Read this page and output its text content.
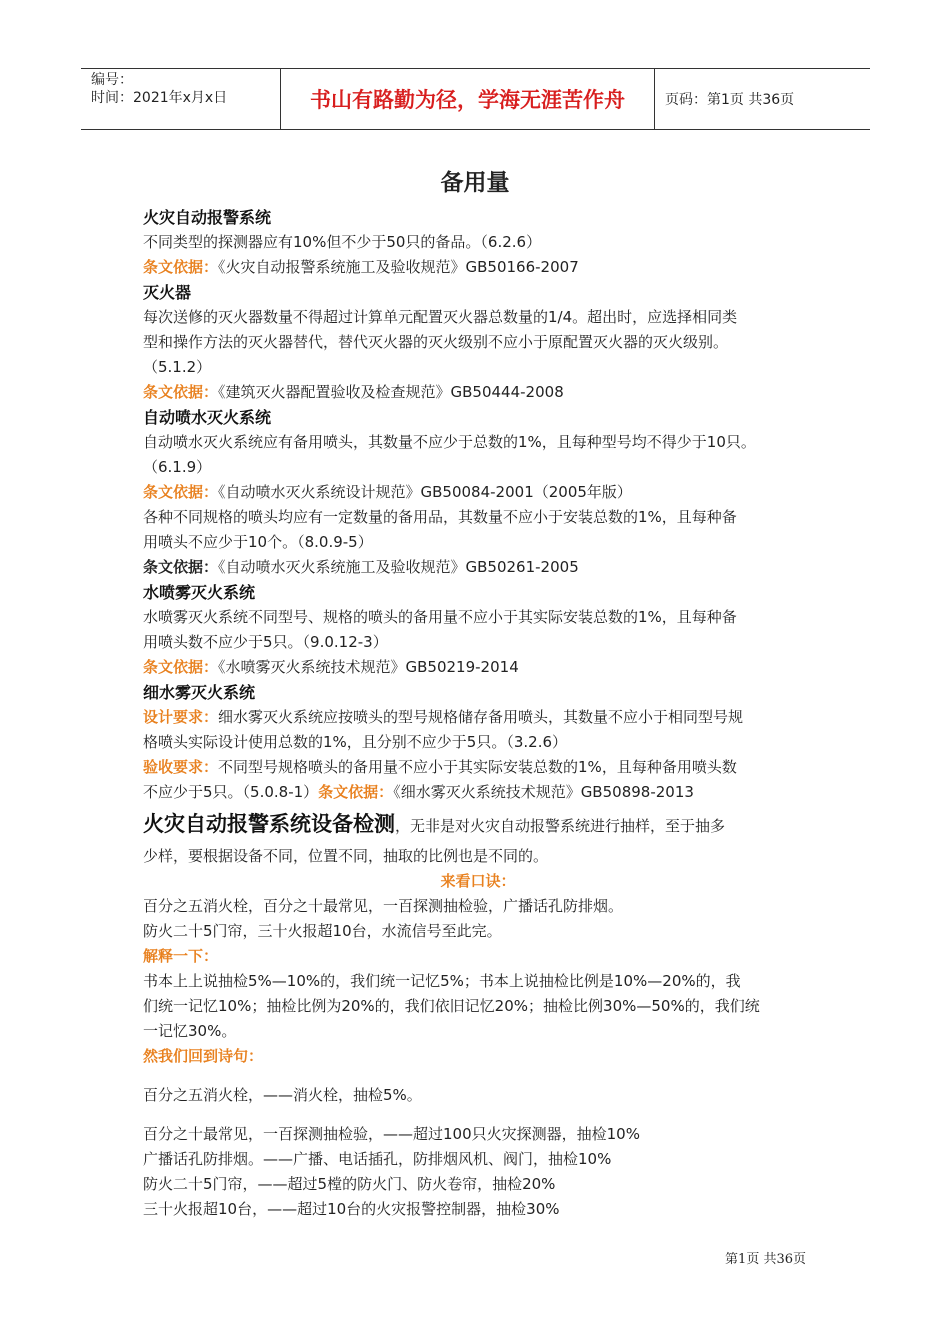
编号：
时间：2021年x月x日	书山有路勤为径，学海无涯苦作舟	页码：第1页 共36页
备用量
火灾自动报警系统
不同类型的探测器应有10%但不少于50只的备品。（6.2.6）
条文依据：《火灾自动报警系统施工及验收规范》GB50166-2007
灭火器
每次送修的灭火器数量不得超过计算单元配置灭火器总数量的1/4。超出时，应选择相同类
型和操作方法的灭火器替代，替代灭火器的灭火级别不应小于原配置灭火器的灭火级别。
（5.1.2）
条文依据：《建筑灭火器配置验收及检查规范》GB50444-2008
自动喷水灭火系统
自动喷水灭火系统应有备用喷头，其数量不应少于总数的1%，且每种型号均不得少于10只。
（6.1.9）
条文依据：《自动喷水灭火系统设计规范》GB50084-2001（2005年版）
各种不同规格的喷头均应有一定数量的备用品，其数量不应小于安装总数的1%，且每种备
用喷头不应少于10个。（8.0.9-5）
条文依据：《自动喷水灭火系统施工及验收规范》GB50261-2005
水喷雾灭火系统
水喷雾灭火系统不同型号、规格的喷头的备用量不应小于其实际安装总数的1%，且每种备
用喷头数不应少于5只。（9.0.12-3）
条文依据：《水喷雾灭火系统技术规范》GB50219-2014
细水雾灭火系统
设计要求：细水雾灭火系统应按喷头的型号规格储存备用喷头，其数量不应小于相同型号规
格喷头实际设计使用总数的1%，且分别不应少于5只。（3.2.6）
验收要求：不同型号规格喷头的备用量不应小于其实际安装总数的1%，且每种备用喷头数
不应少于5只。（5.0.8-1）条文依据：《细水雾灭火系统技术规范》GB50898-2013
火灾自动报警系统设备检测，无非是对火灾自动报警系统进行抽样，至于抽多
少样，要根据设备不同，位置不同，抽取的比例也是不同的。
来看口诀：
百分之五消火栓，百分之十最常见，一百探测抽检验，广播话孔防排烟。
防火二十5门帘，三十火报超10台，水流信号至此完。
解释一下：
书本上上说抽检5%—10%的，我们统一记忆5%；书本上说抽检比例是10%—20%的，我
们统一记忆10%；抽检比例为20%的，我们依旧记忆20%；抽检比例30%—50%的，我们统
一记忆30%。
然我们回到诗句：
百分之五消火栓，——消火栓，抽检5%。
百分之十最常见，一百探测抽检验，——超过100只火灾探测器，抽检10%
广播话孔防排烟。——广播、电话插孔，防排烟风机、阀门，抽检10%
防火二十5门帘，——超过5樘的防火门、防火卷帘，抽检20%
三十火报超10台，——超过10台的火灾报警控制器，抽检30%
第1页 共36页
